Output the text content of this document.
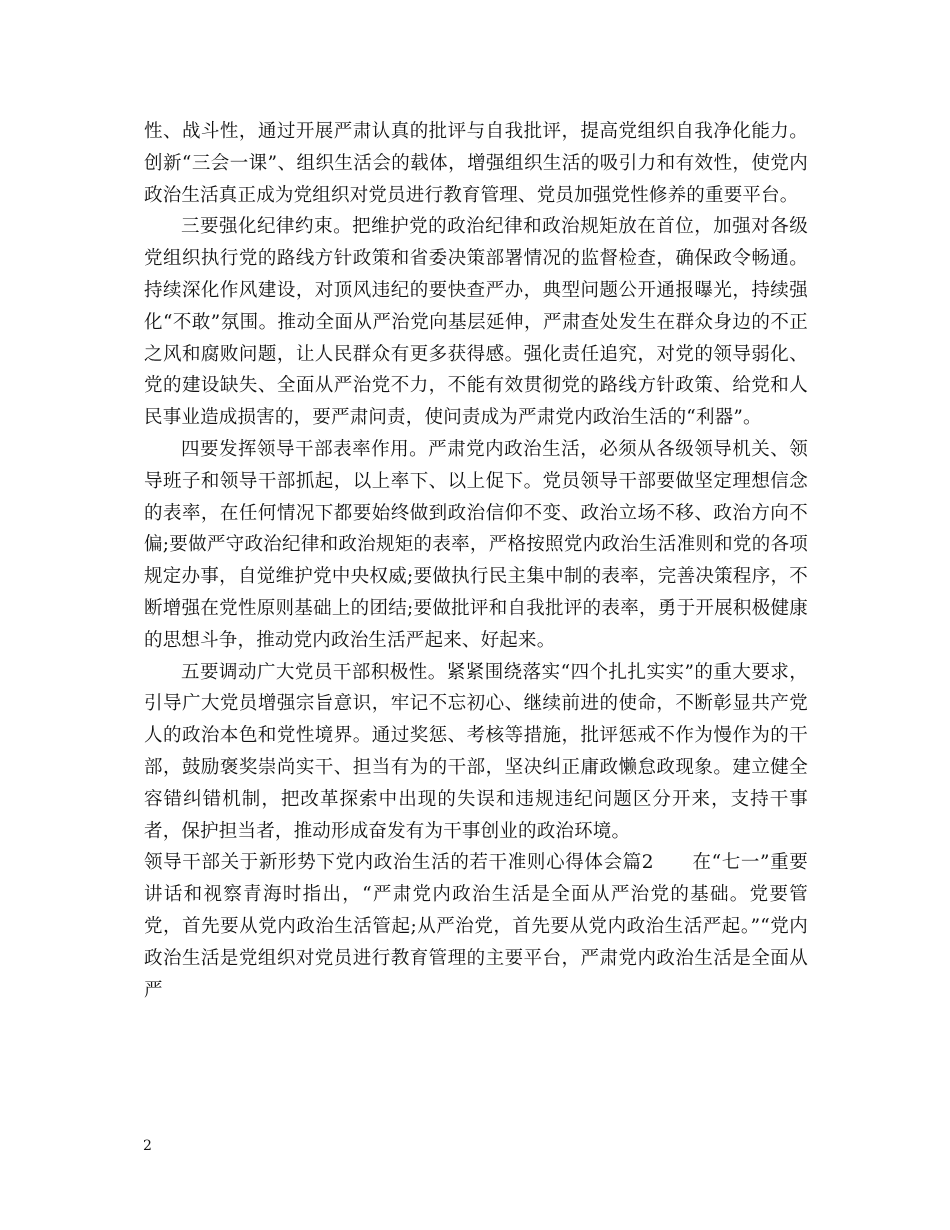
性、战斗性，通过开展严肃认真的批评与自我批评，提高党组织自我净化能力。创新“三会一课”、组织生活会的载体，增强组织生活的吸引力和有效性，使党内政治生活真正成为党组织对党员进行教育管理、党员加强党性修养的重要平台。

三要强化纪律约束。把维护党的政治纪律和政治规矩放在首位，加强对各级党组织执行党的路线方针政策和省委决策部署情况的监督检查，确保政令畅通。持续深化作风建设，对顶风违纪的要快查严办，典型问题公开通报曝光，持续强化“不敢”氛围。推动全面从严治党向基层延伸，严肃查处发生在群众身边的不正之风和腐败问题，让人民群众有更多获得感。强化责任追究，对党的领导弱化、党的建设缺失、全面从严治党不力，不能有效贯彻党的路线方针政策、给党和人民事业造成损害的，要严肃问责，使问责成为严肃党内政治生活的“利器”。

四要发挥领导干部表率作用。严肃党内政治生活，必须从各级领导机关、领导班子和领导干部抓起，以上率下、以上促下。党员领导干部要做坚定理想信念的表率，在任何情况下都要始终做到政治信仰不变、政治立场不移、政治方向不偏;要做严守政治纪律和政治规矩的表率，严格按照党内政治生活准则和党的各项规定办事，自觉维护党中央权威;要做执行民主集中制的表率，完善决策程序，不断增强在党性原则基础上的团结;要做批评和自我批评的表率，勇于开展积极健康的思想斗争，推动党内政治生活严起来、好起来。

五要调动广大党员干部积极性。紧紧围绕落实“四个扎扎实实”的重大要求，引导广大党员增强宗旨意识，牢记不忘初心、继续前进的使命，不断彰显共产党人的政治本色和党性境界。通过奖惩、考核等措施，批评惩戒不作为慢作为的干部，鼓励褒奖崇尚实干、担当有为的干部，坚决纠正庸政懒怠政现象。建立健全容错纠错机制，把改革探索中出现的失误和违规违纪问题区分开来，支持干事者，保护担当者，推动形成奋发有为干事创业的政治环境。

领导干部关于新形势下党内政治生活的若干准则心得体会篇2　　在“七一”重要讲话和视察青海时指出，“严肃党内政治生活是全面从严治党的基础。党要管党，首先要从党内政治生活管起;从严治党，首先要从党内政治生活严起。”“党内政治生活是党组织对党员进行教育管理的主要平台，严肃党内政治生活是全面从严

2
